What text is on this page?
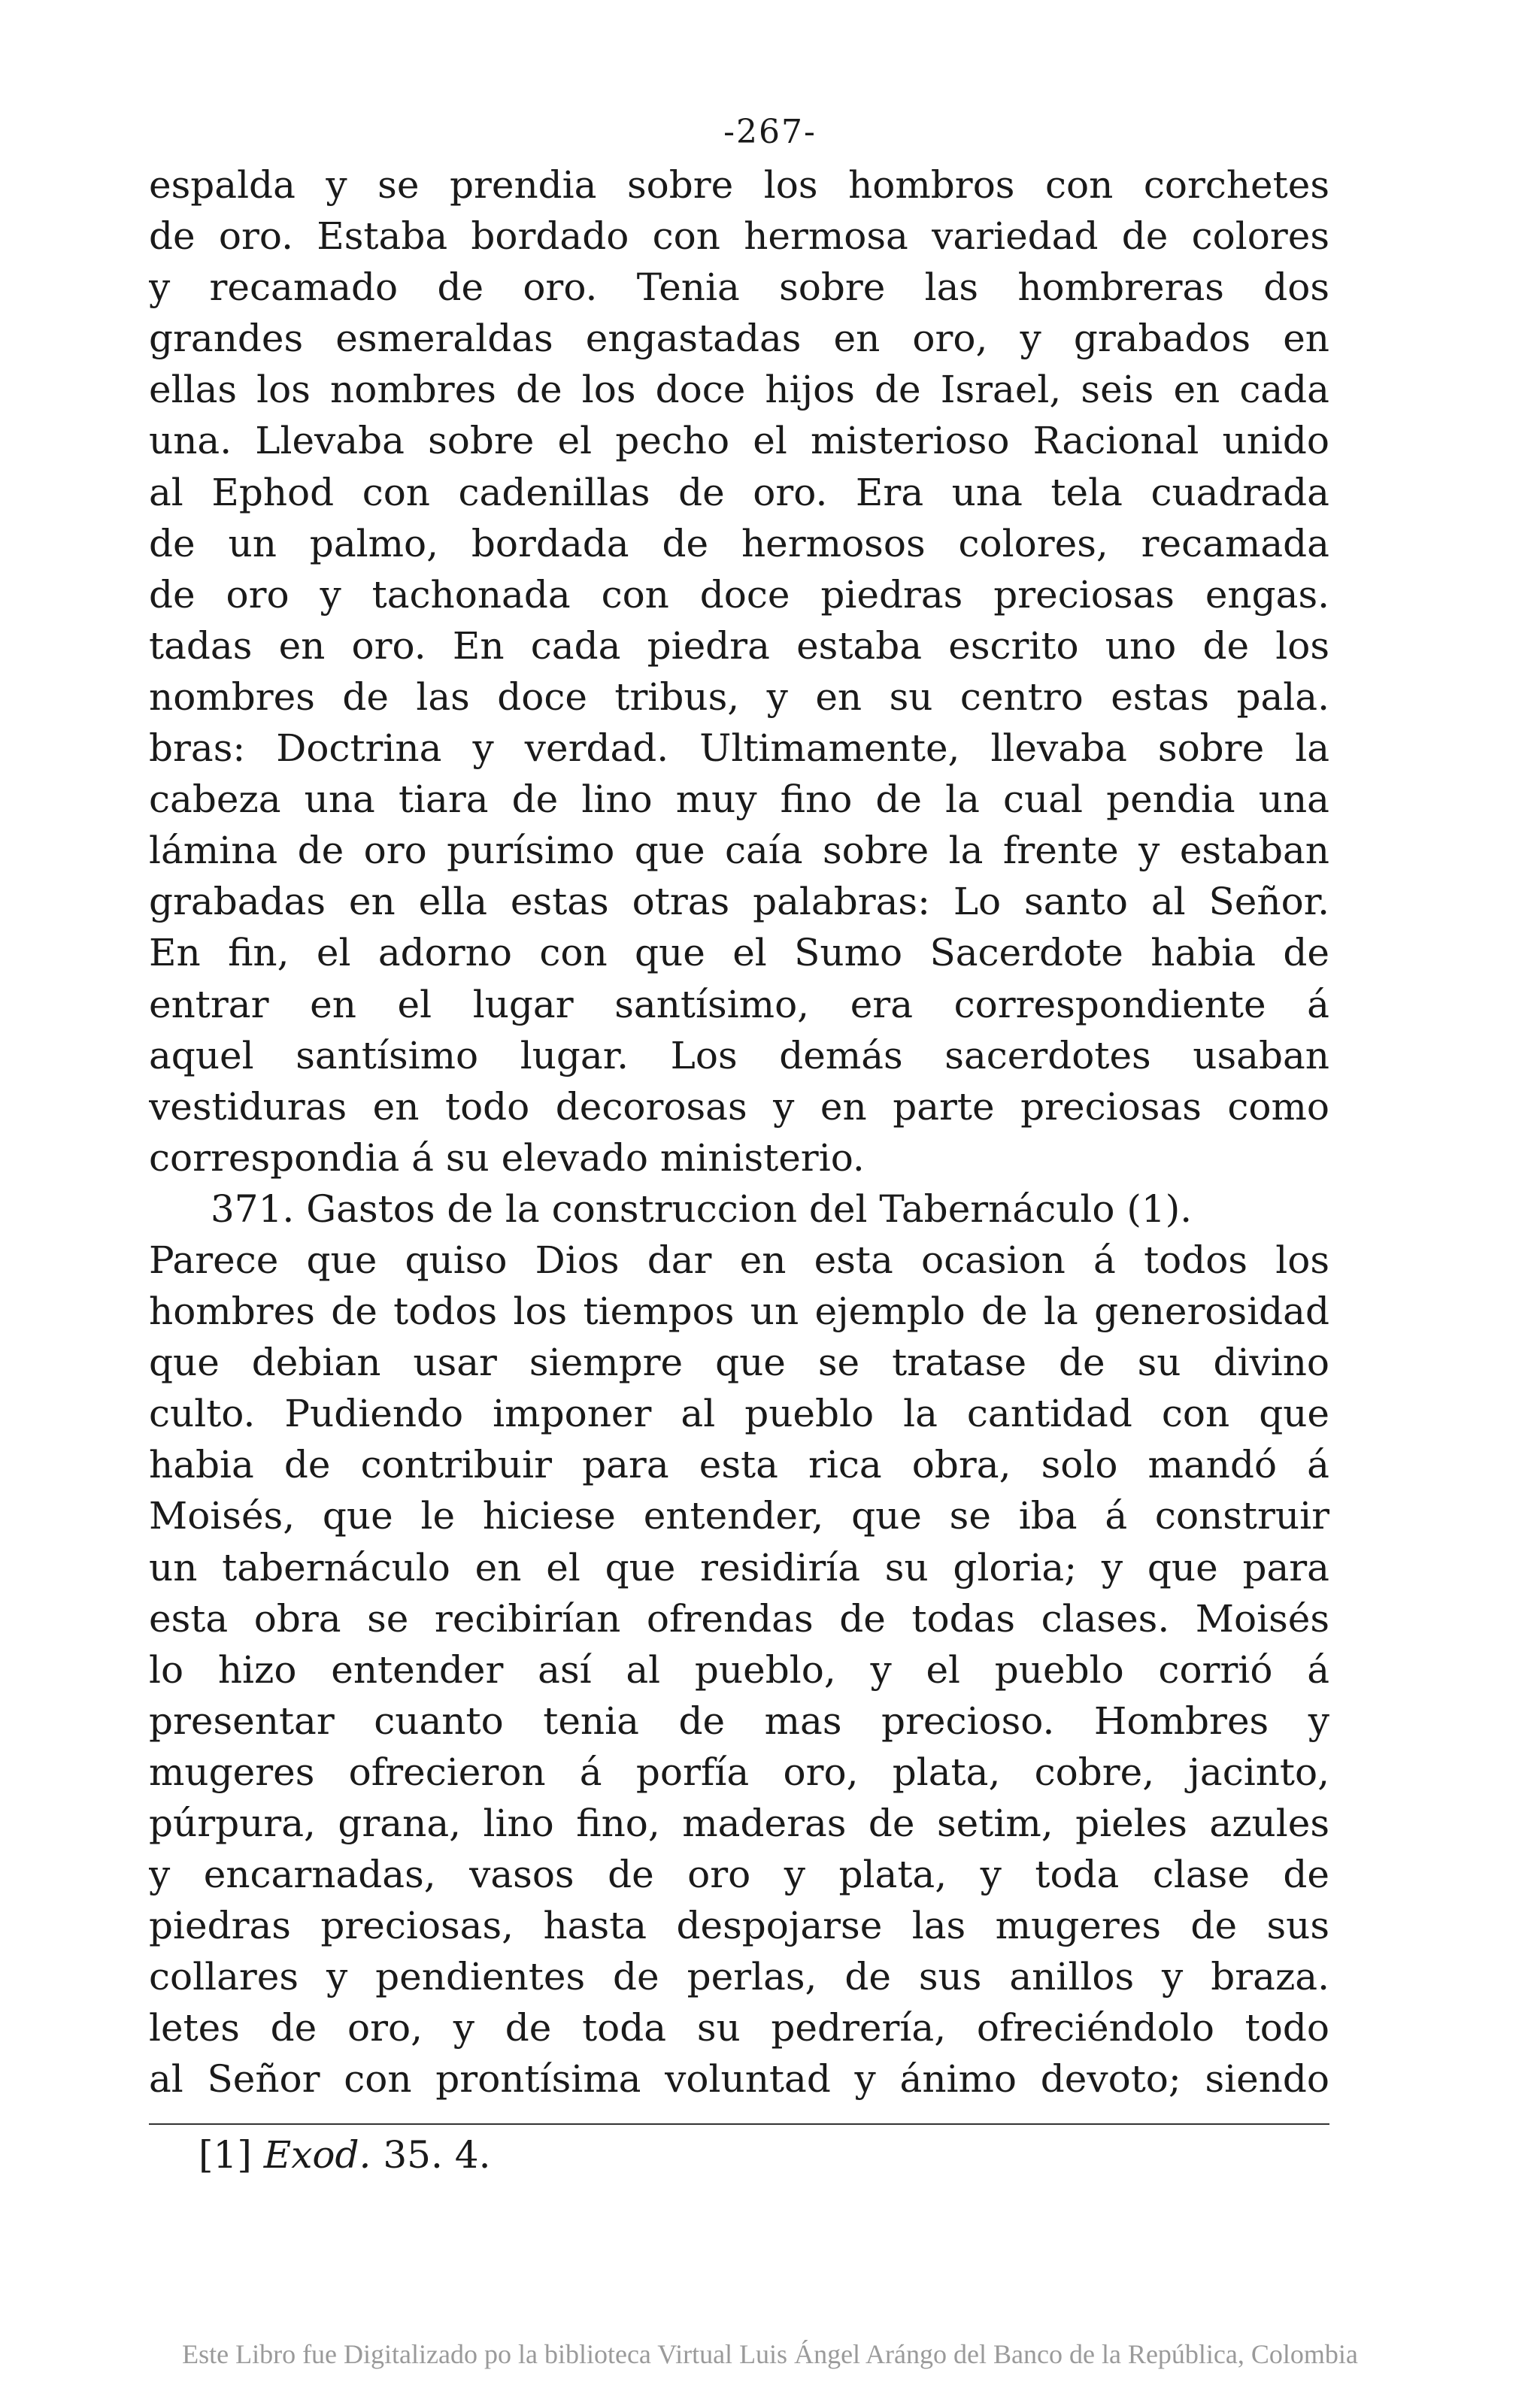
-267-
espalda y se prendia sobre los hombros con corchetes
de oro. Estaba bordado con hermosa variedad de colores
y recamado de oro. Tenia sobre las hombreras dos
grandes esmeraldas engastadas en oro, y grabados en
ellas los nombres de los doce hijos de Israel, seis en cada
una. Llevaba sobre el pecho el misterioso Racional unido
al Ephod con cadenillas de oro. Era una tela cuadrada
de un palmo, bordada de hermosos colores, recamada
de oro y tachonada con doce piedras preciosas engas.
tadas en oro. En cada piedra estaba escrito uno de los
nombres de las doce tribus, y en su centro estas pala.
bras: Doctrina y verdad. Ultimamente, llevaba sobre la
cabeza una tiara de lino muy fino de la cual pendia una
lámina de oro purísimo que caía sobre la frente y estaban
grabadas en ella estas otras palabras: Lo santo al Señor.
En fin, el adorno con que el Sumo Sacerdote habia de
entrar en el lugar santísimo, era correspondiente á
aquel santísimo lugar. Los demás sacerdotes usaban
vestiduras en todo decorosas y en parte preciosas como
correspondia á su elevado ministerio.
371. Gastos de la construccion del Tabernáculo (1).
Parece que quiso Dios dar en esta ocasion á todos los
hombres de todos los tiempos un ejemplo de la generosidad
que debian usar siempre que se tratase de su divino
culto. Pudiendo imponer al pueblo la cantidad con que
habia de contribuir para esta rica obra, solo mandó á
Moisés, que le hiciese entender, que se iba á construir
un tabernáculo en el que residiría su gloria; y que para
esta obra se recibirían ofrendas de todas clases. Moisés
lo hizo entender así al pueblo, y el pueblo corrió á
presentar cuanto tenia de mas precioso. Hombres y
mugeres ofrecieron á porfía oro, plata, cobre, jacinto,
púrpura, grana, lino fino, maderas de setim, pieles azules
y encarnadas, vasos de oro y plata, y toda clase de
piedras preciosas, hasta despojarse las mugeres de sus
collares y pendientes de perlas, de sus anillos y braza.
letes de oro, y de toda su pedrería, ofreciéndolo todo
al Señor con prontísima voluntad y ánimo devoto; siendo
[1] Exod. 35. 4.
Este Libro fue Digitalizado po la biblioteca Virtual Luis Ángel Arángo del Banco de la República, Colombia
